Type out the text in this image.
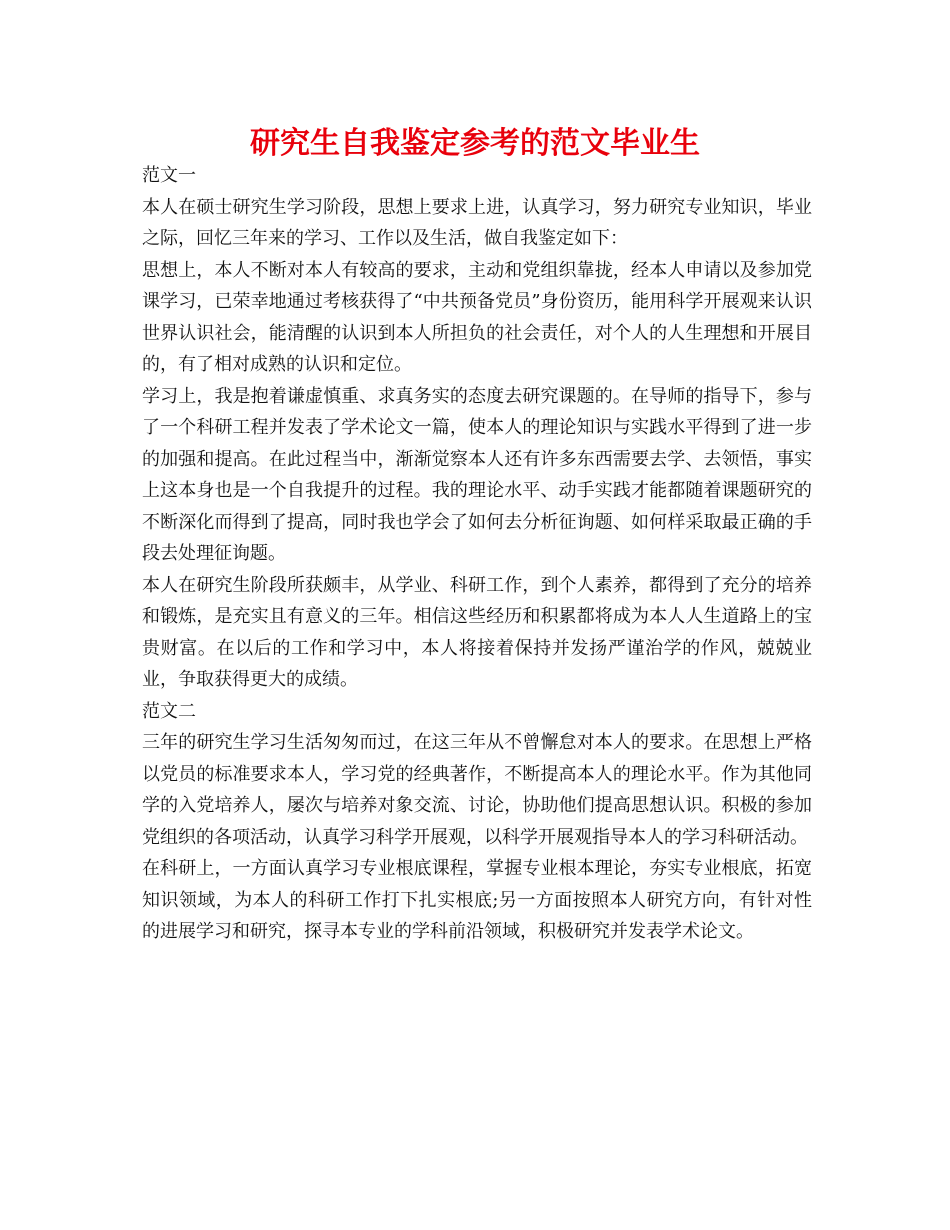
研究生自我鉴定参考的范文毕业生

范文一

本人在硕士研究生学习阶段，思想上要求上进，认真学习，努力研究专业知识，毕业之际，回忆三年来的学习、工作以及生活，做自我鉴定如下：

思想上，本人不断对本人有较高的要求，主动和党组织靠拢，经本人申请以及参加党课学习，已荣幸地通过考核获得了“中共预备党员”身份资历，能用科学开展观来认识世界认识社会，能清醒的认识到本人所担负的社会责任，对个人的人生理想和开展目的，有了相对成熟的认识和定位。

学习上，我是抱着谦虚慎重、求真务实的态度去研究课题的。在导师的指导下，参与了一个科研工程并发表了学术论文一篇，使本人的理论知识与实践水平得到了进一步的加强和提高。在此过程当中，渐渐觉察本人还有许多东西需要去学、去领悟，事实上这本身也是一个自我提升的过程。我的理论水平、动手实践才能都随着课题研究的不断深化而得到了提高，同时我也学会了如何去分析征询题、如何样采取最正确的手段去处理征询题。

本人在研究生阶段所获颇丰，从学业、科研工作，到个人素养，都得到了充分的培养和锻炼，是充实且有意义的三年。相信这些经历和积累都将成为本人人生道路上的宝贵财富。在以后的工作和学习中，本人将接着保持并发扬严谨治学的作风，兢兢业业，争取获得更大的成绩。

范文二

三年的研究生学习生活匆匆而过，在这三年从不曾懈怠对本人的要求。在思想上严格以党员的标准要求本人，学习党的经典著作，不断提高本人的理论水平。作为其他同学的入党培养人，屡次与培养对象交流、讨论，协助他们提高思想认识。积极的参加党组织的各项活动，认真学习科学开展观，以科学开展观指导本人的学习科研活动。

在科研上，一方面认真学习专业根底课程，掌握专业根本理论，夯实专业根底，拓宽知识领域，为本人的科研工作打下扎实根底;另一方面按照本人研究方向，有针对性的进展学习和研究，探寻本专业的学科前沿领域，积极研究并发表学术论文。
